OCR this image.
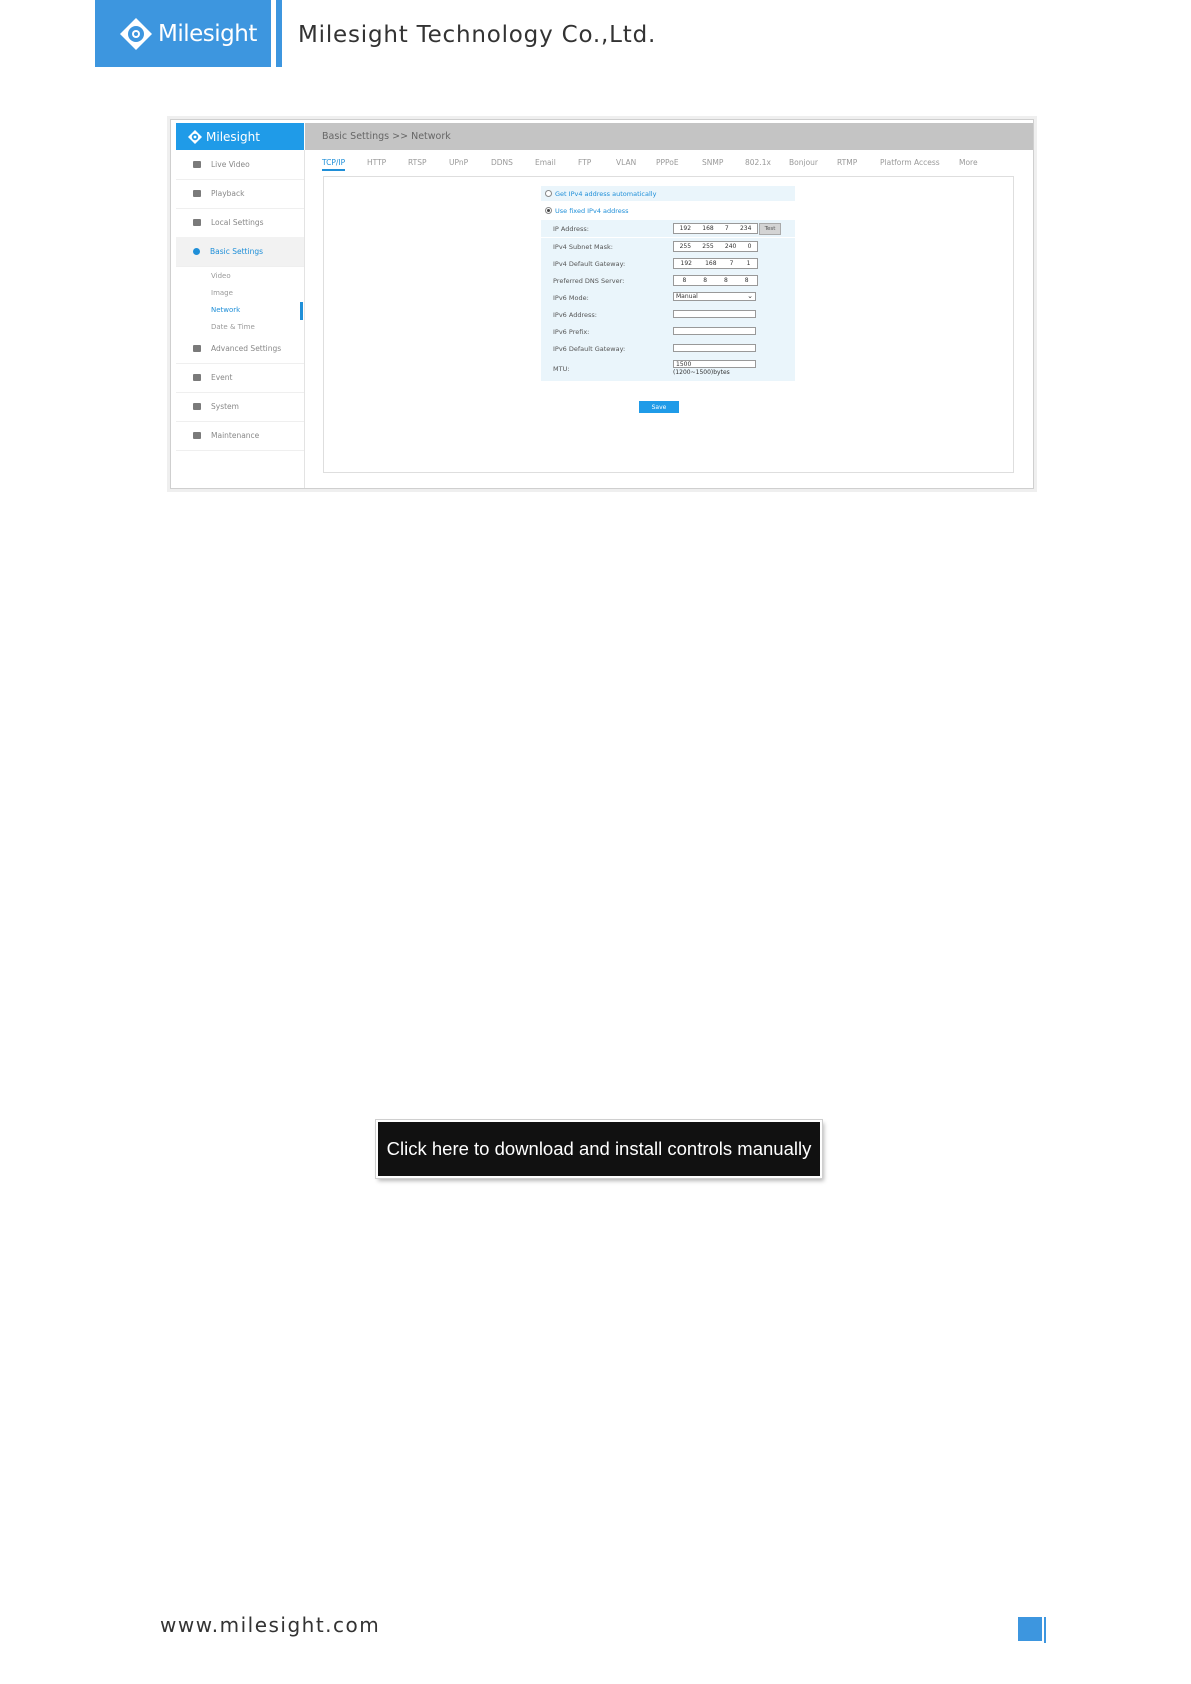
Milesight Milesight Technology Co.,Ltd.
Milesight	Basic Settings >> Network
Live Video
Playback
Local Settings
Basic Settings
Video
Image
Network
Date & Time
Advanced Settings
Event
System
Maintenance
TCP/IP	HTTP	RTSP	UPnP	DDNS	Email	FTP	VLAN	PPPoE	SNMP	802.1x Bonjour	RTMP	Platform Access	More
Get IPv4 address automatically
Use fixed IPv4 address
IP Address:	192 168 7 234	Test
IPv4 Subnet Mask:	255 255 240 0
IPv4 Default Gateway:	192 168 7 1
Preferred DNS Server:	8	8	8	8
IPv6 Mode:	Manual	⌄
IPv6 Address:
IPv6 Prefix:
IPv6 Default Gateway:
MTU:
1500
(1200~1500)bytes
Save
Click here to download and install controls manually
www.milesight.com
